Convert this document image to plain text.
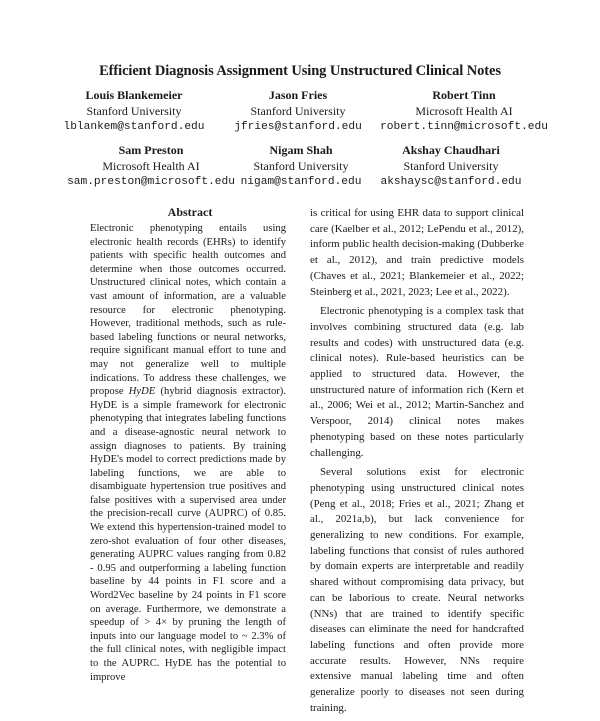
Efficient Diagnosis Assignment Using Unstructured Clinical Notes
Louis Blankemeier
Stanford University
lblankem@stanford.edu
Jason Fries
Stanford University
jfries@stanford.edu
Robert Tinn
Microsoft Health AI
robert.tinn@microsoft.edu
Sam Preston
Microsoft Health AI
sam.preston@microsoft.edu
Nigam Shah
Stanford University
nigam@stanford.edu
Akshay Chaudhari
Stanford University
akshaysc@stanford.edu
Abstract

Electronic phenotyping entails using electronic health records (EHRs) to identify patients with specific health outcomes and determine when those outcomes occurred. Unstructured clinical notes, which contain a vast amount of information, are a valuable resource for electronic phenotyping. However, traditional methods, such as rule-based labeling functions or neural networks, require significant manual effort to tune and may not generalize well to multiple indications. To address these challenges, we propose HyDE (hybrid diagnosis extractor). HyDE is a simple framework for electronic phenotyping that integrates labeling functions and a disease-agnostic neural network to assign diagnoses to patients. By training HyDE's model to correct predictions made by labeling functions, we are able to disambiguate hypertension true positives and false positives with a supervised area under the precision-recall curve (AUPRC) of 0.85. We extend this hypertension-trained model to zero-shot evaluation of four other diseases, generating AUPRC values ranging from 0.82 - 0.95 and outperforming a labeling function baseline by 44 points in F1 score and a Word2Vec baseline by 24 points in F1 score on average. Furthermore, we demonstrate a speedup of > 4× by pruning the length of inputs into our language model to ~ 2.3% of the full clinical notes, with negligible impact to the AUPRC. HyDE has the potential to improve

is critical for using EHR data to support clinical care (Kaelber et al., 2012; LePendu et al., 2012), inform public health decision-making (Dubberke et al., 2012), and train predictive models (Chaves et al., 2021; Blankemeier et al., 2022; Steinberg et al., 2021, 2023; Lee et al., 2022).

Electronic phenotyping is a complex task that involves combining structured data (e.g. lab results and codes) with unstructured data (e.g. clinical notes). Rule-based heuristics can be applied to structured data. However, the unstructured nature of information rich (Kern et al., 2006; Wei et al., 2012; Martin-Sanchez and Verspoor, 2014) clinical notes makes phenotyping based on these notes particularly challenging.

Several solutions exist for electronic phenotyping using unstructured clinical notes (Peng et al., 2018; Fries et al., 2021; Zhang et al., 2021a,b), but lack convenience for generalizing to new conditions. For example, labeling functions that consist of rules authored by domain experts are interpretable and readily shared without compromising data privacy, but can be laborious to create. Neural networks (NNs) that are trained to identify specific diseases can eliminate the need for handcrafted labeling functions and often provide more accurate results. However, NNs require extensive manual labeling time and often generalize poorly to diseases not seen during training.
